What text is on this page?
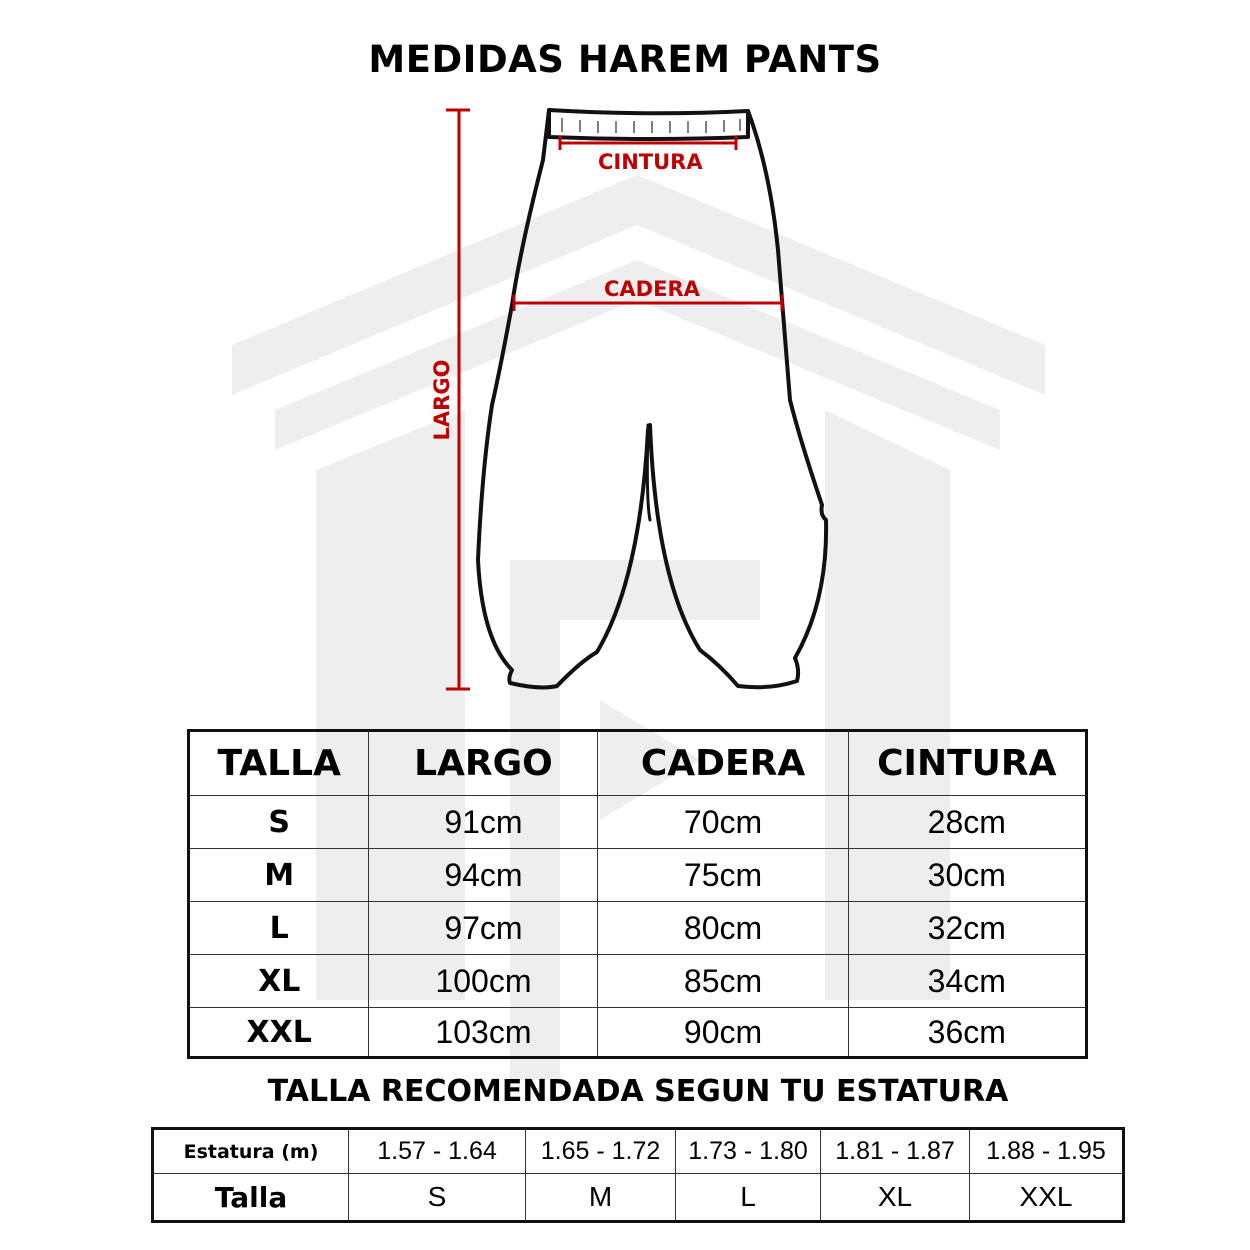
MEDIDAS HAREM PANTS
CINTURA
CADERA
LARGO
TALLA	LARGO	CADERA	CINTURA
S	91cm	70cm	28cm
M	94cm	75cm	30cm
L	97cm	80cm	32cm
XL	100cm	85cm	34cm
XXL	103cm	90cm	36cm
TALLA RECOMENDADA SEGUN TU ESTATURA
Estatura (m)	1.57 - 1.64	1.65 - 1.72	1.73 - 1.80	1.81 - 1.87	1.88 - 1.95
Talla	S	M	L	XL	XXL
